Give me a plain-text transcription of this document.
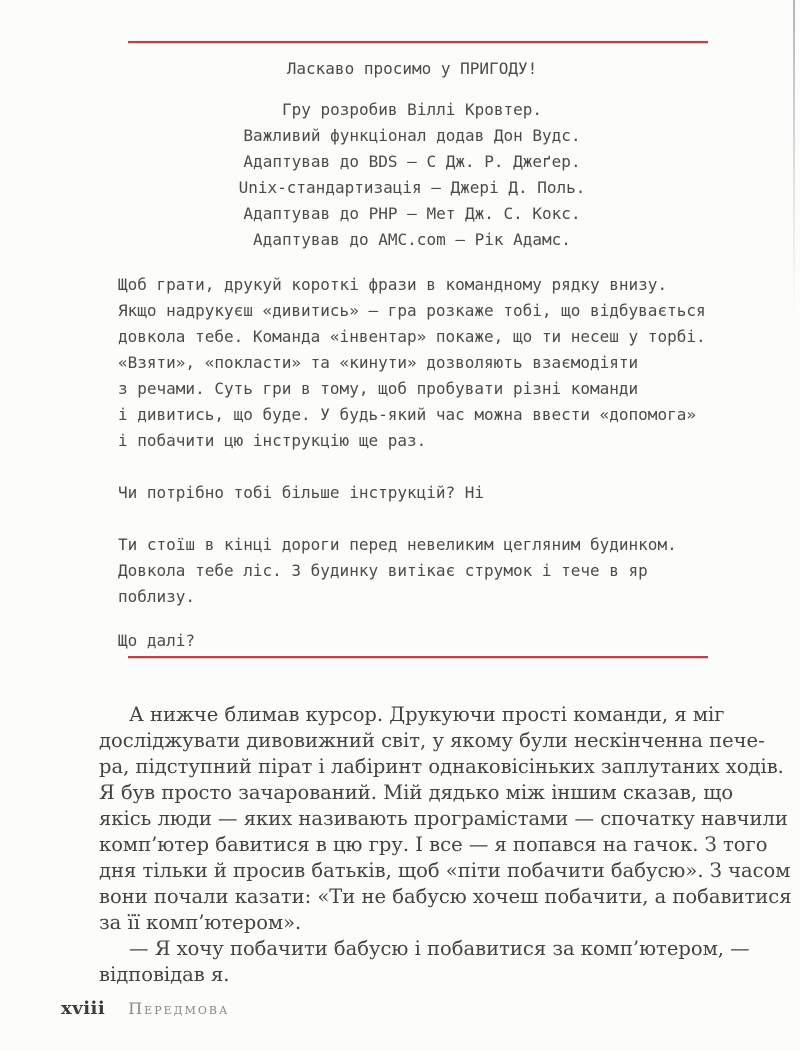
Ласкаво просимо у ПРИГОДУ!
Гру розробив Віллі Кровтер.
Важливий функціонал додав Дон Вудс.
Адаптував до BDS — С Дж. Р. Джеґер.
Unix-стандартизація — Джері Д. Поль.
Адаптував до PHP — Мет Дж. С. Кокс.
Адаптував до AMC.com — Рік Адамс.
Щоб грати, друкуй короткі фрази в командному рядку внизу.
Якщо надрукуєш «дивитись» — гра розкаже тобі, що відбувається
довкола тебе. Команда «інвентар» покаже, що ти несеш у торбі.
«Взяти», «покласти» та «кинути» дозволяють взаємодіяти
з речами. Суть гри в тому, щоб пробувати різні команди
і дивитись, що буде. У будь-який час можна ввести «допомога»
і побачити цю інструкцію ще раз.
Чи потрібно тобі більше інструкцій? Ні
Ти стоїш в кінці дороги перед невеликим цегляним будинком.
Довкола тебе ліс. З будинку витікає струмок і тече в яр
поблизу.
Що далі?
А нижче блимав курсор. Друкуючи прості команди, я міг
досліджувати дивовижний світ, у якому були нескінченна пече-
ра, підступний пірат і лабіринт однаковісіньких заплутаних ходів.
Я був просто зачарований. Мій дядько між іншим сказав, що
якісь люди — яких називають програмістами — спочатку навчили
комп’ютер бавитися в цю гру. І все — я попався на гачок. З того
дня тільки й просив батьків, щоб «піти побачити бабусю». З часом
вони почали казати: «Ти не бабусю хочеш побачити, а побавитися
за її комп’ютером».
— Я хочу побачити бабусю і побавитися за комп’ютером, —
відповідав я.
xviii Передмова
